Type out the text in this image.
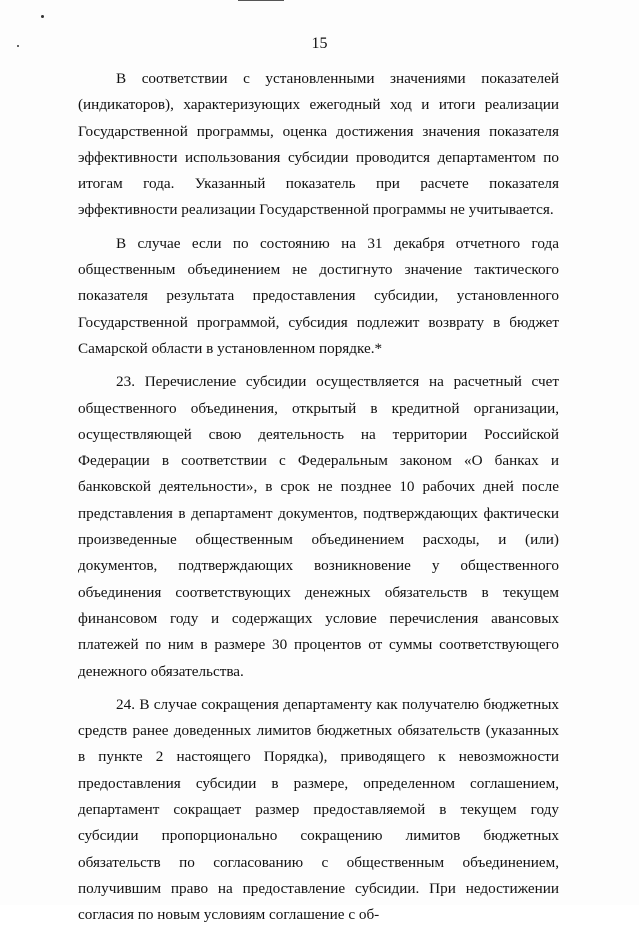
15

В соответствии с установленными значениями показателей (индикаторов), характеризующих ежегодный ход и итоги реализации Государственной программы, оценка достижения значения показателя эффективности использования субсидии проводится департаментом по итогам года. Указанный показатель при расчете показателя эффективности реализации Государственной программы не учитывается.

В случае если по состоянию на 31 декабря отчетного года общественным объединением не достигнуто значение тактического показателя результата предоставления субсидии, установленного Государственной программой, субсидия подлежит возврату в бюджет Самарской области в установленном порядке.*

23. Перечисление субсидии осуществляется на расчетный счет общественного объединения, открытый в кредитной организации, осуществляющей свою деятельность на территории Российской Федерации в соответствии с Федеральным законом «О банках и банковской деятельности», в срок не позднее 10 рабочих дней после представления в департамент документов, подтверждающих фактически произведенные общественным объединением расходы, и (или) документов, подтверждающих возникновение у общественного объединения соответствующих денежных обязательств в текущем финансовом году и содержащих условие перечисления авансовых платежей по ним в размере 30 процентов от суммы соответствующего денежного обязательства.

24. В случае сокращения департаменту как получателю бюджетных средств ранее доведенных лимитов бюджетных обязательств (указанных в пункте 2 настоящего Порядка), приводящего к невозможности предоставления субсидии в размере, определенном соглашением, департамент сокращает размер предоставляемой в текущем году субсидии пропорционально сокращению лимитов бюджетных обязательств по согласованию с общественным объединением, получившим право на предоставление субсидии. При недостижении согласия по новым условиям соглашение с об-
